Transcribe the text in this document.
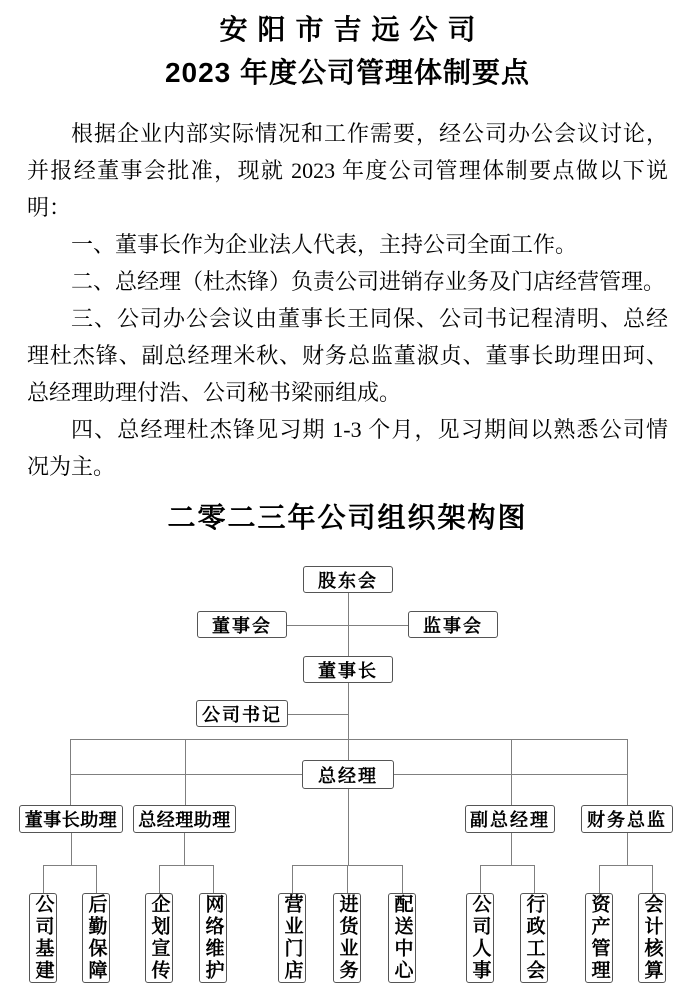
安阳市吉远公司
2023 年度公司管理体制要点
根据企业内部实际情况和工作需要，经公司办公会议讨论，
并报经董事会批准，现就 2023 年度公司管理体制要点做以下说
明：
一、董事长作为企业法人代表，主持公司全面工作。
二、总经理（杜杰锋）负责公司进销存业务及门店经营管理。
三、公司办公会议由董事长王同保、公司书记程清明、总经
理杜杰锋、副总经理米秋、财务总监董淑贞、董事长助理田珂、
总经理助理付浩、公司秘书梁丽组成。
四、总经理杜杰锋见习期 1-3 个月，见习期间以熟悉公司情
况为主。
二零二三年公司组织架构图
股东会
董事会	监事会
董事长
公司书记
总经理
董事长助理	总经理助理	副总经理	财务总监
公司基建 后勤保障 企划宣传 网络维护	营业门店 进货业务 配送中心	公司人事 行政工会 资产管理 会计核算
